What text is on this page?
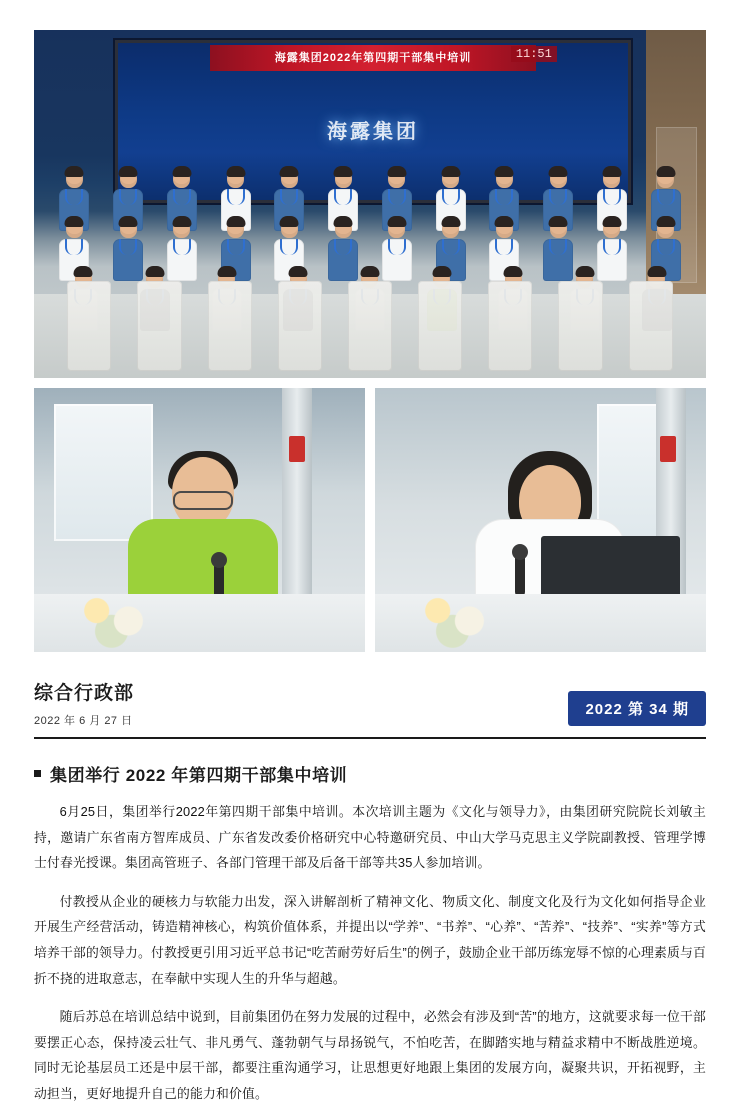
海露集团2022年第四期干部集中培训	11:51
海露集团
综合行政部
2022 年 6 月 27 日
2022 第 34 期
集团举行 2022 年第四期干部集中培训

6月25日，集团举行2022年第四期干部集中培训。本次培训主题为《文化与领导力》，由集团研究院院长刘敏主持，邀请广东省南方智库成员、广东省发改委价格研究中心特邀研究员、中山大学马克思主义学院副教授、管理学博士付春光授课。集团高管班子、各部门管理干部及后备干部等共35人参加培训。

付教授从企业的硬核力与软能力出发，深入讲解剖析了精神文化、物质文化、制度文化及行为文化如何指导企业开展生产经营活动，铸造精神核心，构筑价值体系，并提出以“学养”、“书养”、“心养”、“苦养”、“技养”、“实养”等方式培养干部的领导力。付教授更引用习近平总书记“吃苦耐劳好后生”的例子，鼓励企业干部历练宠辱不惊的心理素质与百折不挠的进取意志，在奉献中实现人生的升华与超越。

随后苏总在培训总结中说到，目前集团仍在努力发展的过程中，必然会有涉及到“苦”的地方，这就要求每一位干部要摆正心态，保持凌云壮气、非凡勇气、蓬勃朝气与昂扬锐气，不怕吃苦，在脚踏实地与精益求精中不断战胜逆境。同时无论基层员工还是中层干部，都要注重沟通学习，让思想更好地跟上集团的发展方向，凝聚共识，开拓视野，主动担当，更好地提升自己的能力和价值。
